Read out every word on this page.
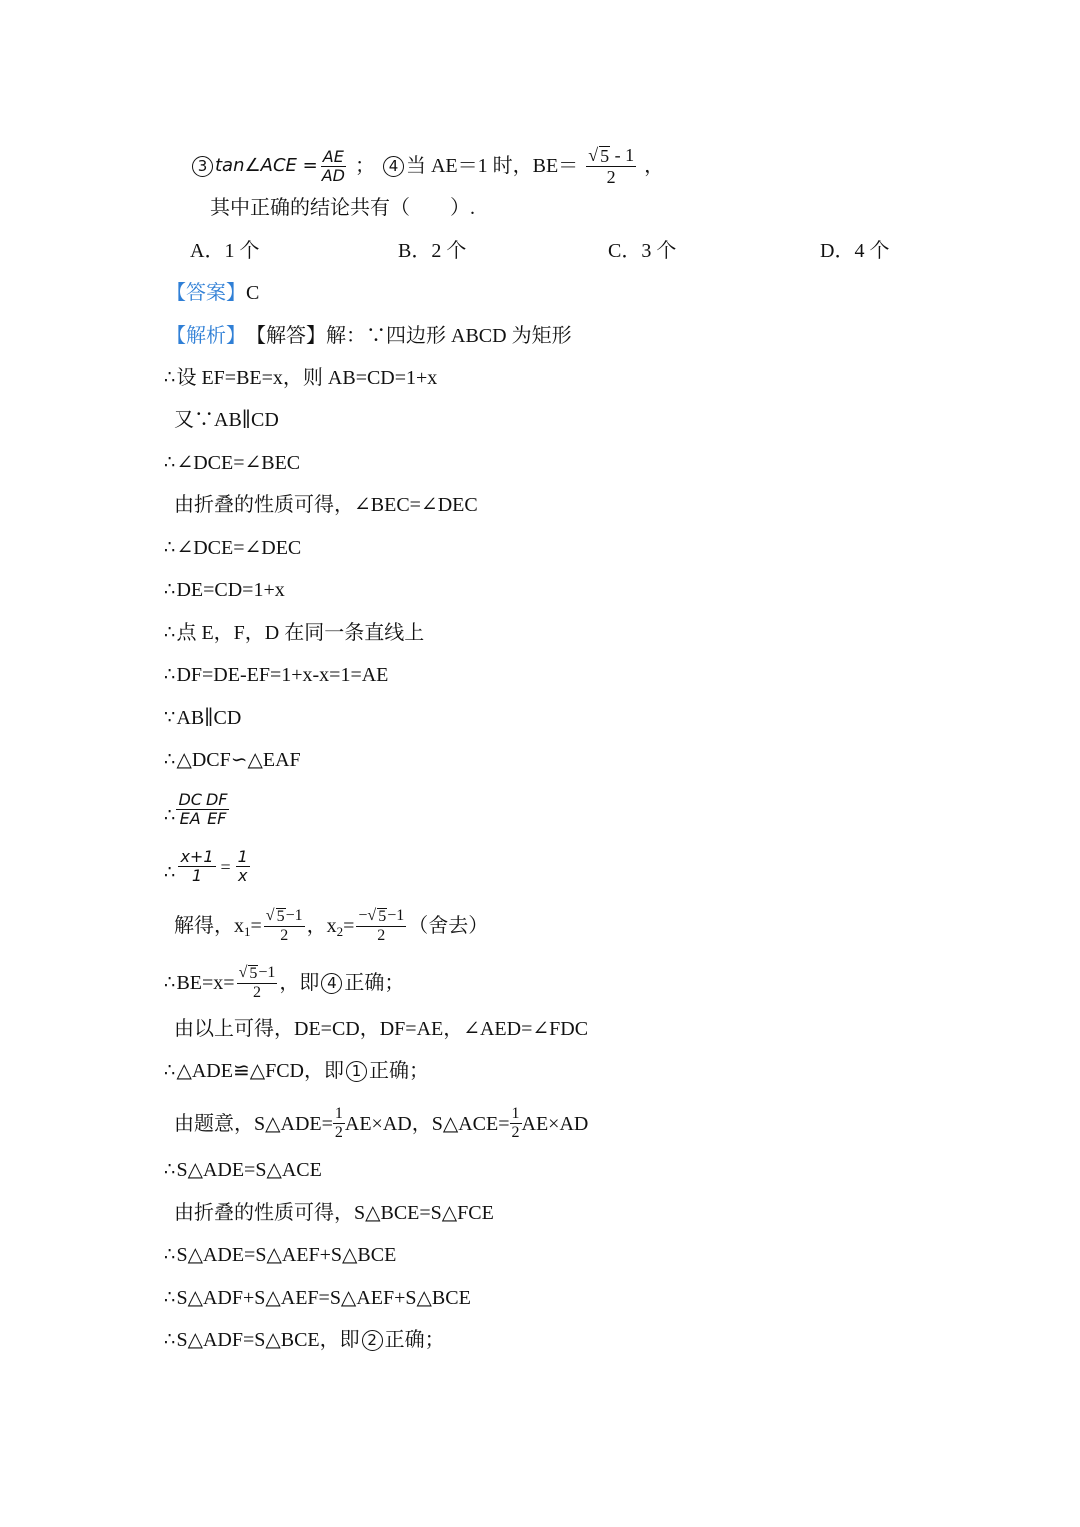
3 tan∠ACE = $\frac{AE}{AD}$ ； 4 当 AE＝1 时，$BE= \frac{√ 5 - 1}{2}$ ，
其中正确的结论共有（　　）.
A．1 个	B．2 个	C．3 个	D．4 个
【答案】 C
【解析】 【解答】解：∵四边形 ABCD 为矩形
∴ 设 EF=BE=x，则 AB=CD=1+x
又∵AB∥CD
∴ ∠DCE=∠BEC
由折叠的性质可得，∠BEC=∠DEC
∴ ∠DCE=∠DEC
∴ DE=CD=1+x
∴ 点 E，F，D 在同一条直线上
∴ DF=DE-EF=1+x-x=1=AE
∵ AB∥CD
∴ △DCF∽△EAF
∴ $\frac{DC}{EA} \frac{DF}{EF}$
∴ $\frac{x+1}{1} = \frac{1}{x}$
解得，x $1 = \frac{√ 5 -1}{2}$ ，x $2 = \frac{- √ 5 -1}{2}$ （舍去）
∴ $BE=x= \frac{√ 5 -1}{2}$ ，即 4 正确；
由以上可得，DE=CD，DF=AE，∠AED=∠FDC
∴ △ADE≌△FCD，即 1 正确；
由题意，S△ADE= $\frac{1}{2} AE\times AD$，S△ACE= $\frac{1}{2} AE\times AD$
∴ S△ADE=S△ACE
由折叠的性质可得，S△BCE=S△FCE
∴ S△ADE=S△AEF+S△BCE
∴ S△ADF+S△AEF=S△AEF+S△BCE
∴ S△ADF=S△BCE，即 2 正确；
